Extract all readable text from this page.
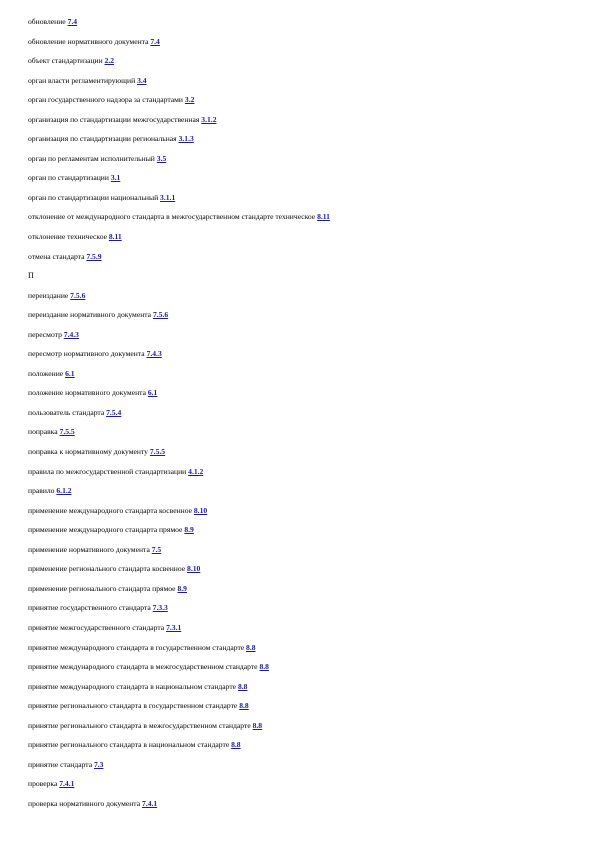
обновление 7.4
обновление нормативного документа 7.4
объект стандартизации 2.2
орган власти регламентирующий 3.4
орган государственного надзора за стандартами 3.2
организация по стандартизации межгосударственная 3.1.2
организация по стандартизации региональная 3.1.3
орган по регламентам исполнительный 3.5
орган по стандартизации 3.1
орган по стандартизации национальный 3.1.1
отклонение от международного стандарта в межгосударственном стандарте техническое 8.11
отклонение техническое 8.11
отмена стандарта 7.5.9
П
переиздание 7.5.6
переиздание нормативного документа 7.5.6
пересмотр 7.4.3
пересмотр нормативного документа 7.4.3
положение 6.1
положение нормативного документа 6.1
пользователь стандарта 7.5.4
поправка 7.5.5
поправка к нормативному документу 7.5.5
правила по межгосударственной стандартизации 4.1.2
правило 6.1.2
применение международного стандарта косвенное 8.10
применение международного стандарта прямое 8.9
применение нормативного документа 7.5
применение регионального стандарта косвенное 8.10
применение регионального стандарта прямое 8.9
принятие государственного стандарта 7.3.3
принятие межгосударственного стандарта 7.3.1
принятие международного стандарта в государственном стандарте 8.8
принятие международного стандарта в межгосударственном стандарте 8.8
принятие международного стандарта в национальном стандарте 8.8
принятие регионального стандарта в государственном стандарте 8.8
принятие регионального стандарта в межгосударственном стандарте 8.8
принятие регионального стандарта в национальном стандарте 8.8
принятие стандарта 7.3
проверка 7.4.1
проверка нормативного документа 7.4.1
